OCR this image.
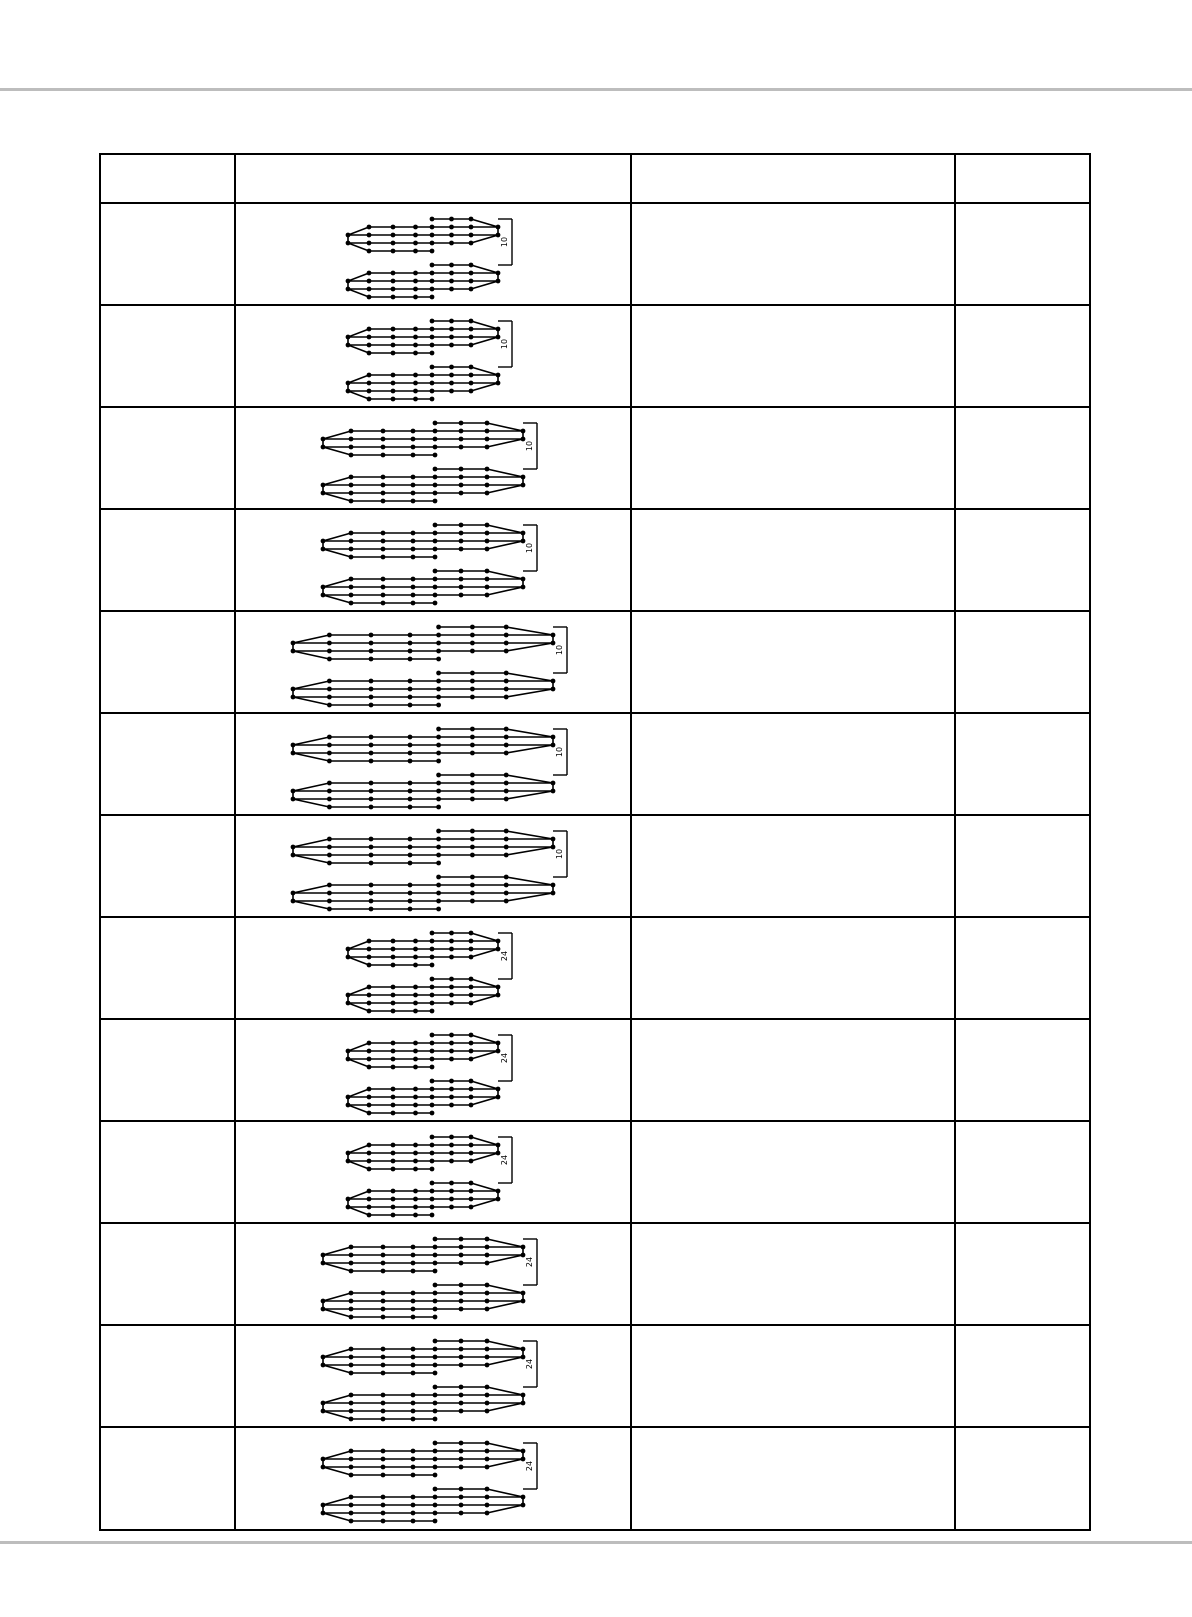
10
10
10
10
10
10
10
24
24
24
24
24
24
